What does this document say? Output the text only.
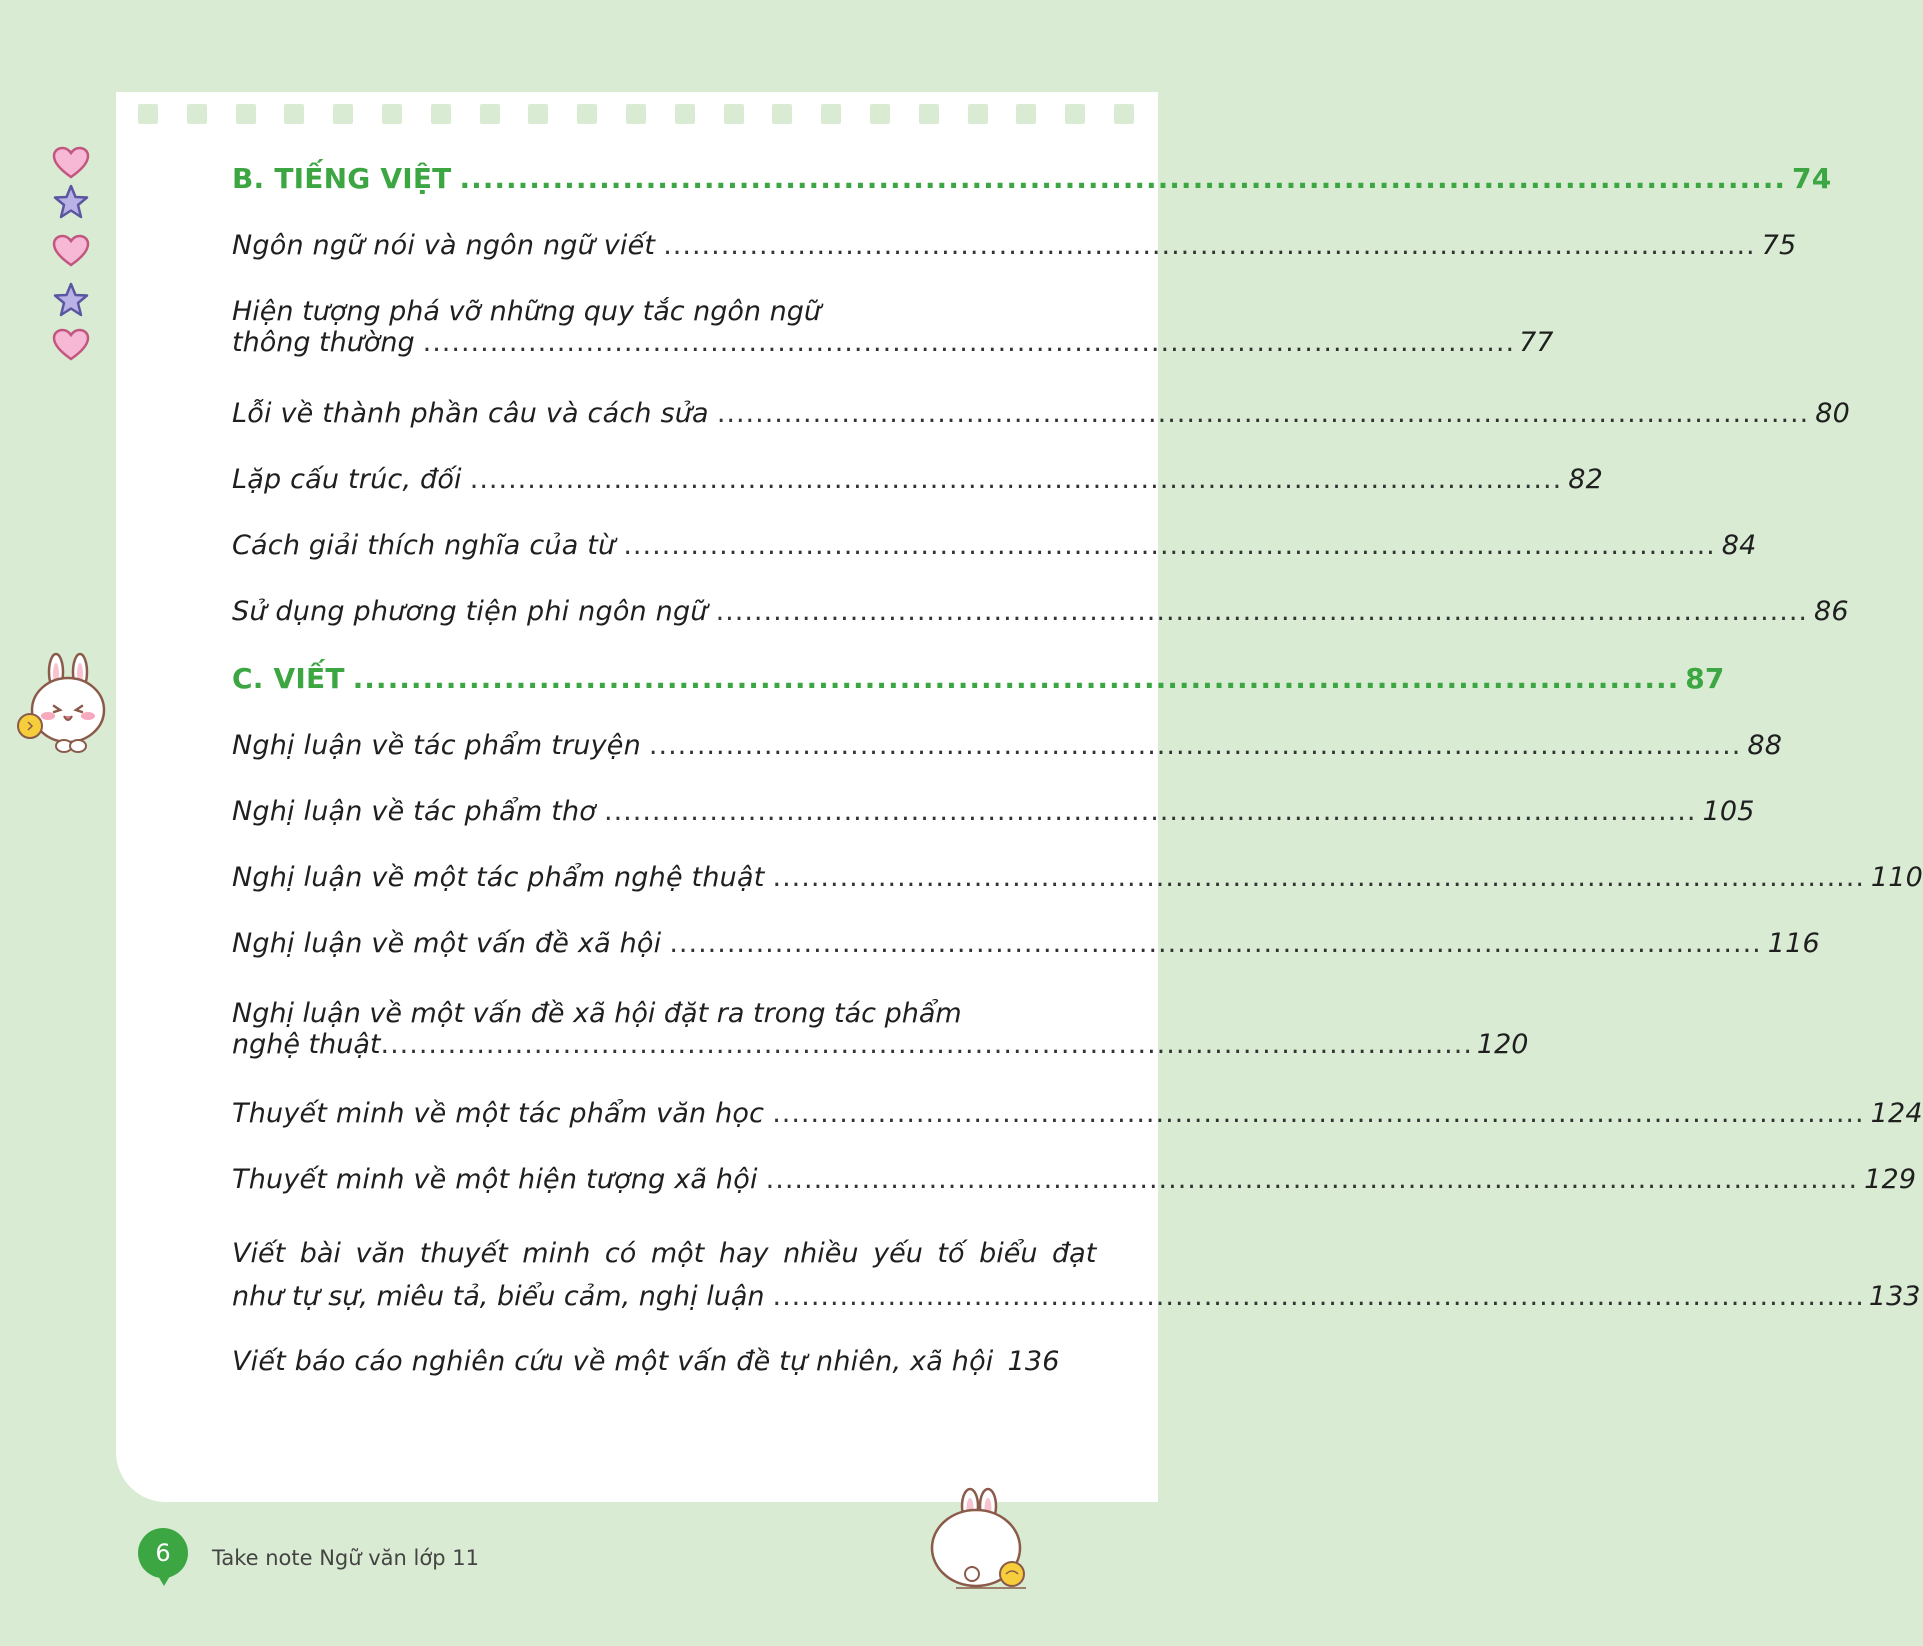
B. TIẾNG VIỆT .................................................................................................................. 74
Ngôn ngữ nói và ngôn ngữ viết .................................................................................................................. 75
Hiện tượng phá vỡ những quy tắc ngôn ngữ
thông thường .................................................................................................................. 77
Lỗi về thành phần câu và cách sửa .................................................................................................................. 80
Lặp cấu trúc, đối .................................................................................................................. 82
Cách giải thích nghĩa của từ .................................................................................................................. 84
Sử dụng phương tiện phi ngôn ngữ .................................................................................................................. 86
C. VIẾT .................................................................................................................. 87
Nghị luận về tác phẩm truyện .................................................................................................................. 88
Nghị luận về tác phẩm thơ .................................................................................................................. 105
Nghị luận về một tác phẩm nghệ thuật .................................................................................................................. 110
Nghị luận về một vấn đề xã hội .................................................................................................................. 116
Nghị luận về một vấn đề xã hội đặt ra trong tác phẩm
nghệ thuật .................................................................................................................. 120
Thuyết minh về một tác phẩm văn học .................................................................................................................. 124
Thuyết minh về một hiện tượng xã hội .................................................................................................................. 129
Viết bài văn thuyết minh có một hay nhiều yếu tố biểu đạt
như tự sự, miêu tả, biểu cảm, nghị luận .................................................................................................................. 133
Viết báo cáo nghiên cứu về một vấn đề tự nhiên, xã hội 136
6	Take note Ngữ văn lớp 11
